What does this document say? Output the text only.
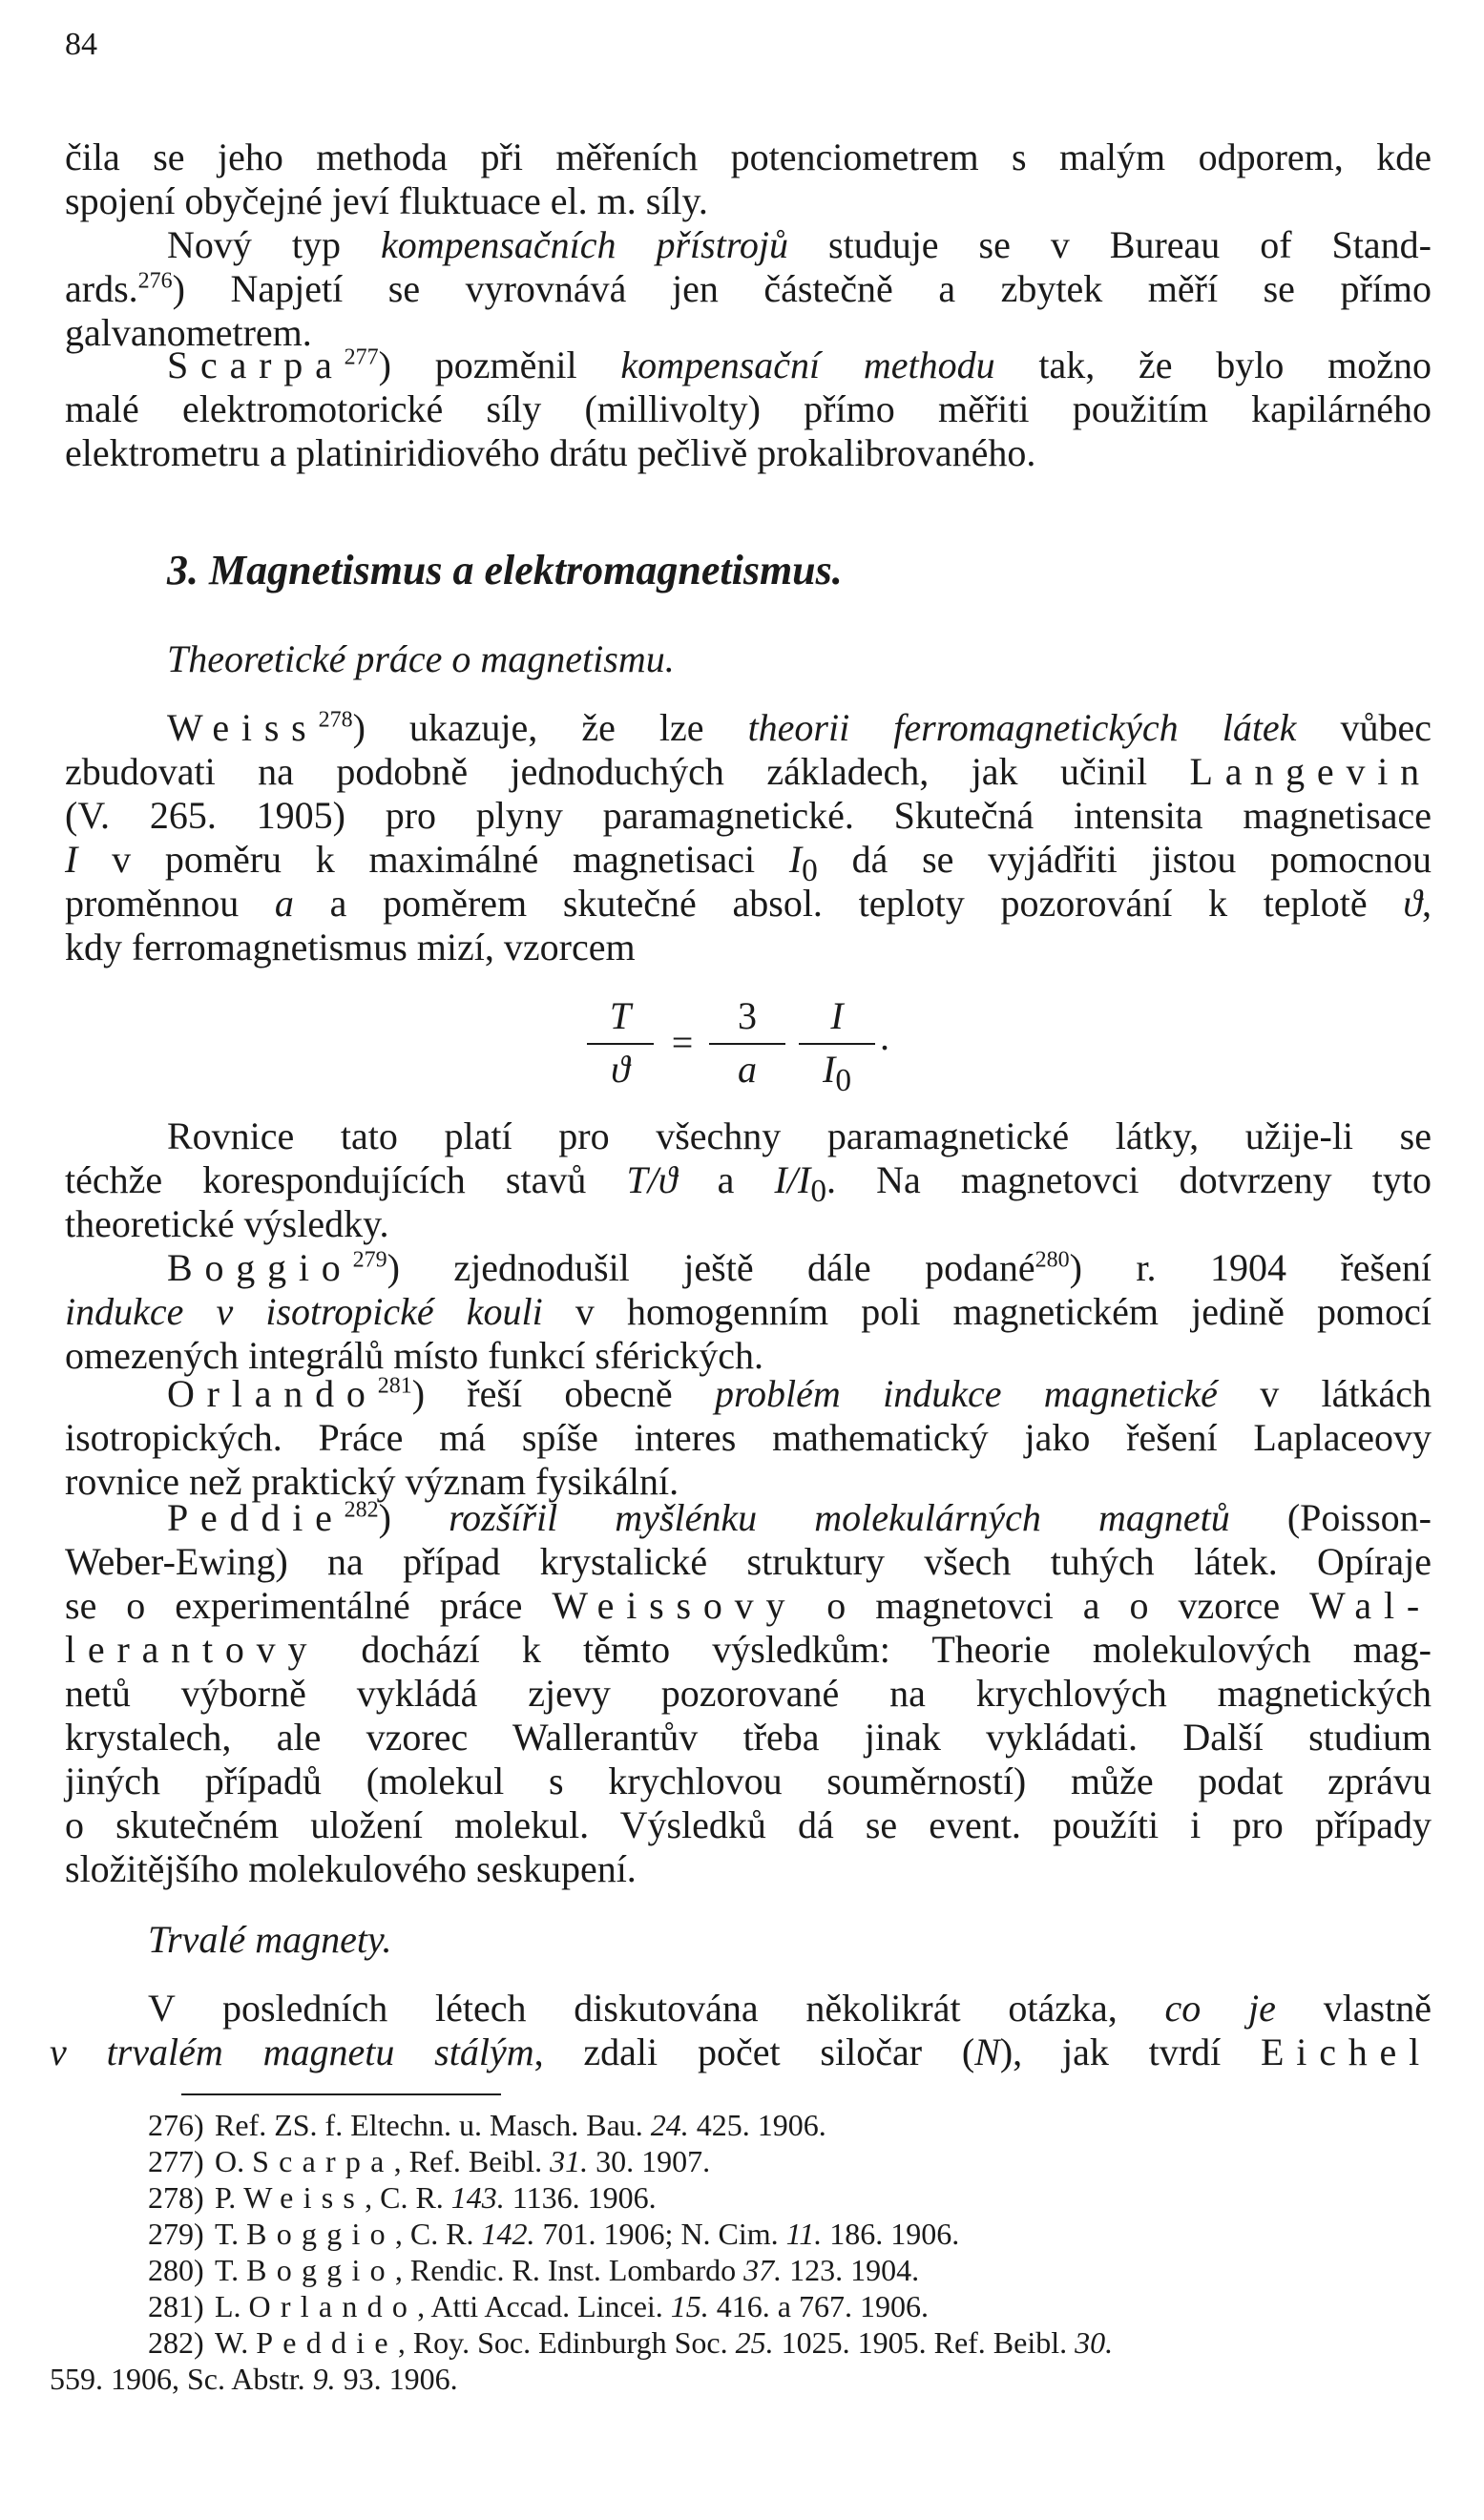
84
čila se jeho methoda při měřeních potenciometrem s malým odporem, kde
spojení obyčejné jeví fluktuace el. m. síly.
Nový typ kompensačních přístrojů studuje se v Bureau of Stand-
ards.$^{276}$) Napjetí se vyrovnává jen částečně a zbytek měří se přímo
galvanometrem.
Scarpa$^{277}$) pozměnil kompensační methodu tak, že bylo možno
malé elektromotorické síly (millivolty) přímo měřiti použitím kapilárného
elektrometru a platiniridiového drátu pečlivě prokalibrovaného.
3. Magnetismus a elektromagnetismus.
Theoretické práce o magnetismu.
Weiss$^{278}$) ukazuje, že lze theorii ferromagnetických látek vůbec
zbudovati na podobně jednoduchých základech, jak učinil Langevin
(V. 265. 1905) pro plyny paramagnetické. Skutečná intensita magnetisace
I v poměru k maximálné magnetisaci $I_0$ dá se vyjádřiti jistou pomocnou
proměnnou a a poměrem skutečné absol. teploty pozorování k teplotě ϑ,
kdy ferromagnetismus mizí, vzorcem
T
ϑ
=
3
a
I
$I_0$
.
Rovnice tato platí pro všechny paramagnetické látky, užije-li se
téchže korespondujících stavů T/ϑ a $I/I_0$. Na magnetovci dotvrzeny tyto
theoretické výsledky.
Boggio$^{279}$) zjednodušil ještě dále podané$^{280}$) r. 1904 řešení
indukce v isotropické kouli v homogenním poli magnetickém jedině pomocí
omezených integrálů místo funkcí sférických.
Orlando$^{281}$) řeší obecně problém indukce magnetické v látkách
isotropických. Práce má spíše interes mathematický jako řešení Laplaceovy
rovnice než praktický význam fysikální.
Peddie$^{282}$) rozšířil myšlénku molekulárných magnetů (Poisson-
Weber-Ewing) na případ krystalické struktury všech tuhých látek. Opíraje
se o experimentálné práce Weissovy o magnetovci a o vzorce Wal-
lerantovy dochází k těmto výsledkům: Theorie molekulových mag-
netů výborně vykládá zjevy pozorované na krychlových magnetických
krystalech, ale vzorec Wallerantův třeba jinak vykládati. Další studium
jiných případů (molekul s krychlovou souměrností) může podat zprávu
o skutečném uložení molekul. Výsledků dá se event. použíti i pro případy
složitějšího molekulového seskupení.
Trvalé magnety.
V posledních létech diskutována několikrát otázka, co je vlastně
v trvalém magnetu stálým, zdali počet siločar (N), jak tvrdí Eichel
276) Ref. ZS. f. Eltechn. u. Masch. Bau. 24. 425. 1906.
277) O. Scarpa, Ref. Beibl. 31. 30. 1907.
278) P. Weiss, C. R. 143. 1136. 1906.
279) T. Boggio, C. R. 142. 701. 1906; N. Cim. 11. 186. 1906.
280) T. Boggio, Rendic. R. Inst. Lombardo 37. 123. 1904.
281) L. Orlando, Atti Accad. Lincei. 15. 416. a 767. 1906.
282) W. Peddie, Roy. Soc. Edinburgh Soc. 25. 1025. 1905. Ref. Beibl. 30.
559. 1906, Sc. Abstr. 9. 93. 1906.
